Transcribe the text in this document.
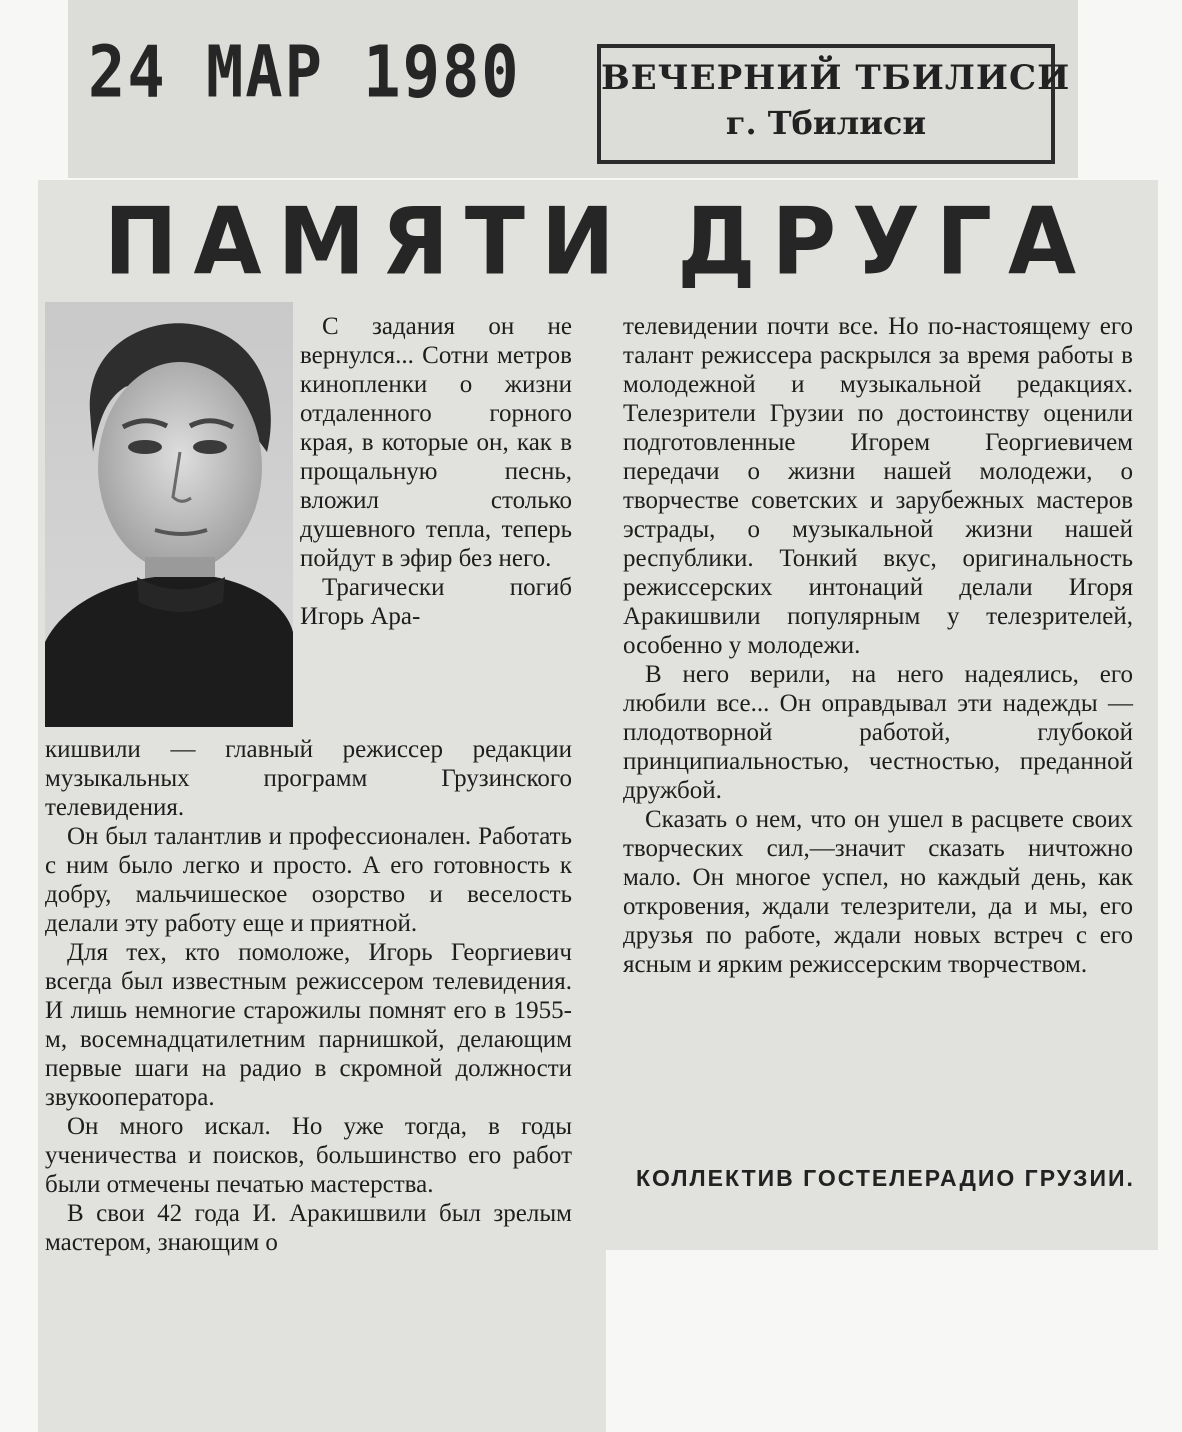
24 МАР 1980 ВЕЧЕРНИЙ ТБИЛИСИ
г. Тбилиси
ПАМЯТИ ДРУГА

С задания он не вернулся... Сотни метров кинопленки о жизни отдаленного горного края, в которые он, как в прощальную песнь, вложил столько душевного тепла, теперь пойдут в эфир без него.

Трагически погиб Игорь Ара-

кишвили — главный режиссер редакции музыкальных программ Грузинского телевидения.

Он был талантлив и профессионален. Работать с ним было легко и просто. А его готовность к добру, мальчишеское озорство и веселость делали эту работу еще и приятной.

Для тех, кто помоложе, Игорь Георгиевич всегда был известным режиссером телевидения. И лишь немногие старожилы помнят его в 1955-м, восемнадцатилетним парнишкой, делающим первые шаги на радио в скромной должности звукооператора.

Он много искал. Но уже тогда, в годы ученичества и поисков, большинство его работ были отмечены печатью мастерства.

В свои 42 года И. Аракишвили был зрелым мастером, знающим о

телевидении почти все. Но по-настоящему его талант режиссера раскрылся за время работы в молодежной и музыкальной редакциях. Телезрители Грузии по достоинству оценили подготовленные Игорем Георгиевичем передачи о жизни нашей молодежи, о творчестве советских и зарубежных мастеров эстрады, о музыкальной жизни нашей республики. Тонкий вкус, оригинальность режиссерских интонаций делали Игоря Аракишвили популярным у телезрителей, особенно у молодежи.

В него верили, на него надеялись, его любили все... Он оправдывал эти надежды — плодотворной работой, глубокой принципиальностью, честностью, преданной дружбой.

Сказать о нем, что он ушел в расцвете своих творческих сил,—значит сказать ничтожно мало. Он многое успел, но каждый день, как откровения, ждали телезрители, да и мы, его друзья по работе, ждали новых встреч с его ясным и ярким режиссерским творчеством.

КОЛЛЕКТИВ ГОСТЕЛЕРАДИО ГРУЗИИ.
